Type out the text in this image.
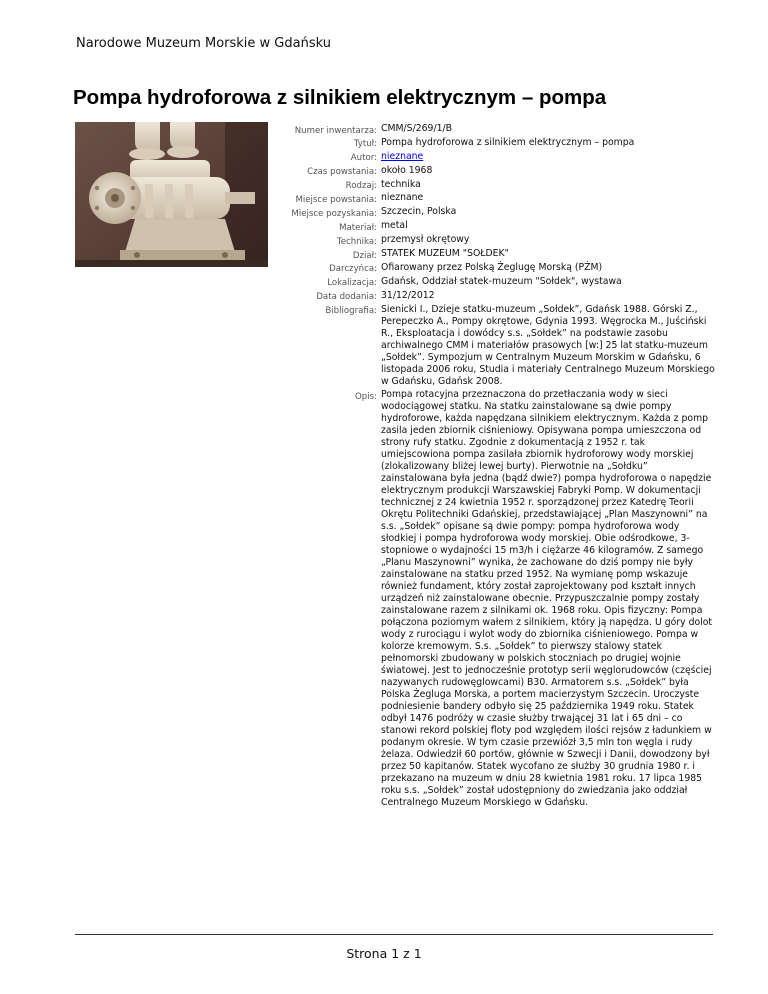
Narodowe Muzeum Morskie w Gdańsku
Pompa hydroforowa z silnikiem elektrycznym – pompa
Numer inwentarza:	CMM/S/269/1/B
Tytuł:	Pompa hydroforowa z silnikiem elektrycznym – pompa
Autor:	nieznane
Czas powstania:	około 1968
Rodzaj:	technika
Miejsce powstania:	nieznane
Miejsce pozyskania:	Szczecin, Polska
Materiał:	metal
Technika:	przemysł okrętowy
Dział:	STATEK MUZEUM "SOŁDEK"
Darczyńca:	Ofiarowany przez Polską Żeglugę Morską (PŻM)
Lokalizacja:	Gdańsk, Oddział statek-muzeum "Sołdek", wystawa
Data dodania:	31/12/2012
Bibliografia:	Sienicki I., Dzieje statku-muzeum „Sołdek”, Gdańsk 1988. Górski Z., Perepeczko A., Pompy okrętowe, Gdynia 1993. Węgrocka M., Juściński R., Eksploatacja i dowódcy s.s. „Sołdek” na podstawie zasobu archiwalnego CMM i materiałów prasowych [w:] 25 lat statku-muzeum „Sołdek”. Sympozjum w Centralnym Muzeum Morskim w Gdańsku, 6 listopada 2006 roku, Studia i materiały Centralnego Muzeum Morskiego w Gdańsku, Gdańsk 2008.
Opis:	Pompa rotacyjna przeznaczona do przetłaczania wody w sieci wodociągowej statku. Na statku zainstalowane są dwie pompy hydroforowe, każda napędzana silnikiem elektrycznym. Każda z pomp zasila jeden zbiornik ciśnieniowy. Opisywana pompa umieszczona od strony rufy statku. Zgodnie z dokumentacją z 1952 r. tak umiejscowiona pompa zasilała zbiornik hydroforowy wody morskiej (zlokalizowany bliżej lewej burty). Pierwotnie na „Sołdku” zainstalowana była jedna (bądź dwie?) pompa hydroforowa o napędzie elektrycznym produkcji Warszawskiej Fabryki Pomp. W dokumentacji technicznej z 24 kwietnia 1952 r. sporządzonej przez Katedrę Teorii Okrętu Politechniki Gdańskiej, przedstawiającej „Plan Maszynowni” na s.s. „Sołdek” opisane są dwie pompy: pompa hydroforowa wody słodkiej i pompa hydroforowa wody morskiej. Obie odśrodkowe, 3-stopniowe o wydajności 15 m3/h i ciężarze 46 kilogramów. Z samego „Planu Maszynowni” wynika, że zachowane do dziś pompy nie były zainstalowane na statku przed 1952. Na wymianę pomp wskazuje również fundament, który został zaprojektowany pod kształt innych urządzeń niż zainstalowane obecnie. Przypuszczalnie pompy zostały zainstalowane razem z silnikami ok. 1968 roku. Opis fizyczny: Pompa połączona poziomym wałem z silnikiem, który ją napędza. U góry dolot wody z rurociągu i wylot wody do zbiornika ciśnieniowego. Pompa w kolorze kremowym. S.s. „Sołdek” to pierwszy stalowy statek pełnomorski zbudowany w polskich stoczniach po drugiej wojnie światowej. Jest to jednocześnie prototyp serii węglorudowców (częściej nazywanych rudowęglowcami) B30. Armatorem s.s. „Sołdek” była Polska Żegluga Morska, a portem macierzystym Szczecin. Uroczyste podniesienie bandery odbyło się 25 października 1949 roku. Statek odbył 1476 podróży w czasie służby trwającej 31 lat i 65 dni – co stanowi rekord polskiej floty pod względem ilości rejsów z ładunkiem w podanym okresie. W tym czasie przewiózł 3,5 mln ton węgla i rudy żelaza. Odwiedził 60 portów, głównie w Szwecji i Danii, dowodzony był przez 50 kapitanów. Statek wycofano ze służby 30 grudnia 1980 r. i przekazano na muzeum w dniu 28 kwietnia 1981 roku. 17 lipca 1985 roku s.s. „Sołdek” został udostępniony do zwiedzania jako oddział Centralnego Muzeum Morskiego w Gdańsku.
Strona 1 z 1
